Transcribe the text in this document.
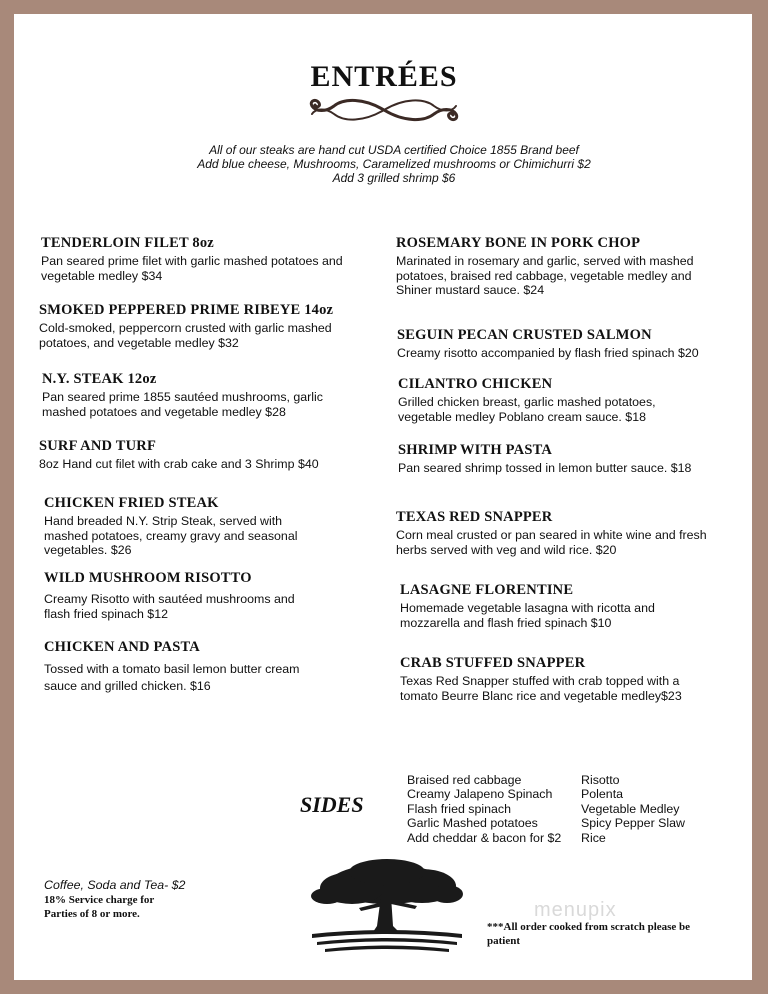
ENTRÉES
All of our steaks are hand cut USDA certified Choice 1855 Brand beef
Add blue cheese, Mushrooms, Caramelized mushrooms or Chimichurri $2
Add 3 grilled shrimp $6
TENDERLOIN FILET 8oz
Pan seared prime filet with garlic mashed potatoes and
vegetable medley $34
SMOKED PEPPERED PRIME RIBEYE 14oz
Cold-smoked, peppercorn crusted with garlic mashed
potatoes, and vegetable medley $32
N.Y. STEAK 12oz
Pan seared prime 1855 sautéed mushrooms, garlic
mashed potatoes and vegetable medley $28
SURF AND TURF
8oz Hand cut filet with crab cake and 3 Shrimp $40
CHICKEN FRIED STEAK
Hand breaded N.Y. Strip Steak, served with
mashed potatoes, creamy gravy and seasonal
vegetables. $26
WILD MUSHROOM RISOTTO
Creamy Risotto with sautéed mushrooms and
flash fried spinach $12
CHICKEN AND PASTA
Tossed with a tomato basil lemon butter cream
sauce and grilled chicken. $16
ROSEMARY BONE IN PORK CHOP
Marinated in rosemary and garlic, served with mashed
potatoes, braised red cabbage, vegetable medley and
Shiner mustard sauce. $24
SEGUIN PECAN CRUSTED SALMON
Creamy risotto accompanied by flash fried spinach $20
CILANTRO CHICKEN
Grilled chicken breast, garlic mashed potatoes,
vegetable medley Poblano cream sauce. $18
SHRIMP WITH PASTA
Pan seared shrimp tossed in lemon butter sauce. $18
TEXAS RED SNAPPER
Corn meal crusted or pan seared in white wine and fresh
herbs served with veg and wild rice. $20
LASAGNE FLORENTINE
Homemade vegetable lasagna with ricotta and
mozzarella and flash fried spinach $10
CRAB STUFFED SNAPPER
Texas Red Snapper stuffed with crab topped with a
tomato Beurre Blanc rice and vegetable medley$23
SIDES
Braised red cabbage
Creamy Jalapeno Spinach
Flash fried spinach
Garlic Mashed potatoes
Add cheddar & bacon for $2
Risotto
Polenta
Vegetable Medley
Spicy Pepper Slaw
Rice
Coffee, Soda and Tea- $2
18% Service charge for
Parties of 8 or more.	menupix
***All order cooked from scratch please be
patient
